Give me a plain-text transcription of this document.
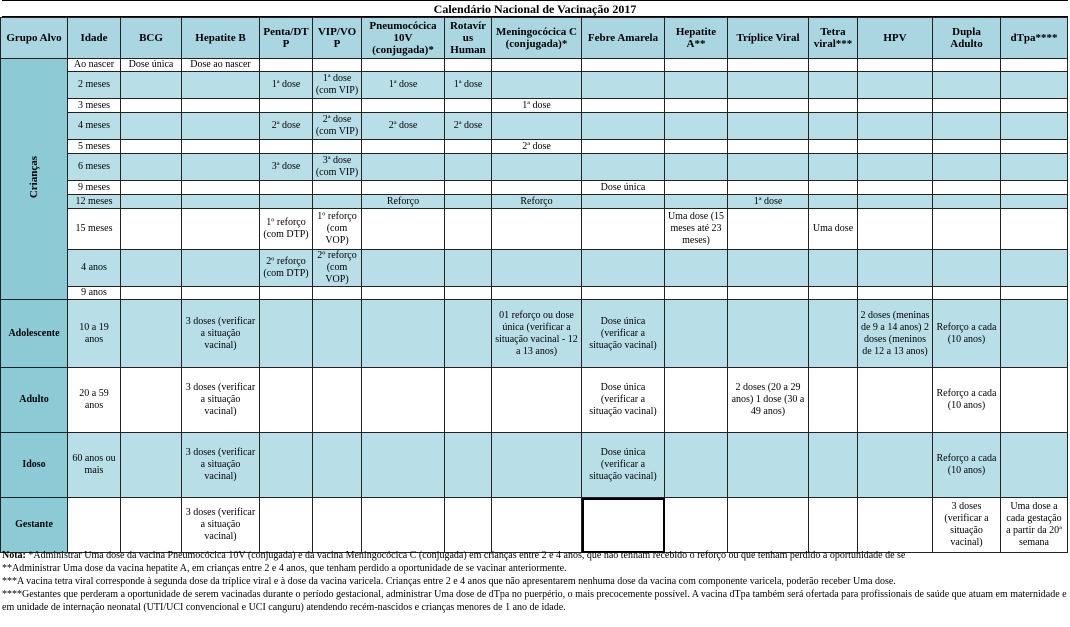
Calendário Nacional de Vacinação 2017
Grupo Alvo	Idade	BCG	Hepatite B	Penta/DTP	VIP/VOP	Pneumocócica 10V (conjugada)*	Rotavírus Human	Meningocócica C (conjugada)*	Febre Amarela	Hepatite A**	Tríplice Viral	Tetra viral***	HPV	Dupla Adulto	dTpa****
Crianças	Ao nascer	Dose única	Dose ao nascer												
	2 meses			1ª dose	1ª dose (com VIP)	1ª dose	1ª dose								
	3 meses							1ª dose							
	4 meses			2ª dose	2ª dose (com VIP)	2ª dose	2ª dose								
	5 meses							2ª dose							
	6 meses			3ª dose	3ª dose (com VIP)										
	9 meses								Dose única						
	12 meses					Reforço		Reforço			1ª dose				
	15 meses			1º reforço (com DTP)	1º reforço (com VOP)					Uma dose (15 meses até 23 meses)		Uma dose			
	4 anos			2º reforço (com DTP)	2º reforço (com VOP)										
	9 anos														
Adolescente	10 a 19 anos		3 doses (verificar a situação vacinal)					01 reforço ou dose única (verificar a situação vacinal - 12 a 13 anos)	Dose única (verificar a situação vacinal)				2 doses (meninas de 9 a 14 anos) 2 doses (meninos de 12 a 13 anos)	Reforço a cada (10 anos)	
Adulto	20 a 59 anos		3 doses (verificar a situação vacinal)						Dose única (verificar a situação vacinal)		2 doses (20 a 29 anos) 1 dose (30 a 49 anos)			Reforço a cada (10 anos)	
Idoso	60 anos ou mais		3 doses (verificar a situação vacinal)						Dose única (verificar a situação vacinal)					Reforço a cada (10 anos)	
Gestante			3 doses (verificar a situação vacinal)											3 doses (verificar a situação vacinal)	Uma dose a cada gestação a partir da 20ª semana

Nota: *Administrar Uma dose da vacina Pneumocócica 10V (conjugada) e da vacina Meningocócica C (conjugada) em crianças entre 2 e 4 anos, que não tenham recebido o reforço ou que tenham perdido a oportunidade de se

**Administrar Uma dose da vacina hepatite A, em crianças entre 2 e 4 anos, que tenham perdido a oportunidade de se vacinar anteriormente.

***A vacina tetra viral corresponde à segunda dose da tríplice viral e à dose da vacina varicela. Crianças entre 2 e 4 anos que não apresentarem nenhuma dose da vacina com componente varicela, poderão receber Uma dose.

****Gestantes que perderam a oportunidade de serem vacinadas durante o período gestacional, administrar Uma dose de dTpa no puerpério, o mais precocemente possível. A vacina dTpa também será ofertada para profissionais de saúde que atuam em maternidade e em unidade de internação neonatal (UTI/UCI convencional e UCI canguru) atendendo recém-nascidos e crianças menores de 1 ano de idade.
